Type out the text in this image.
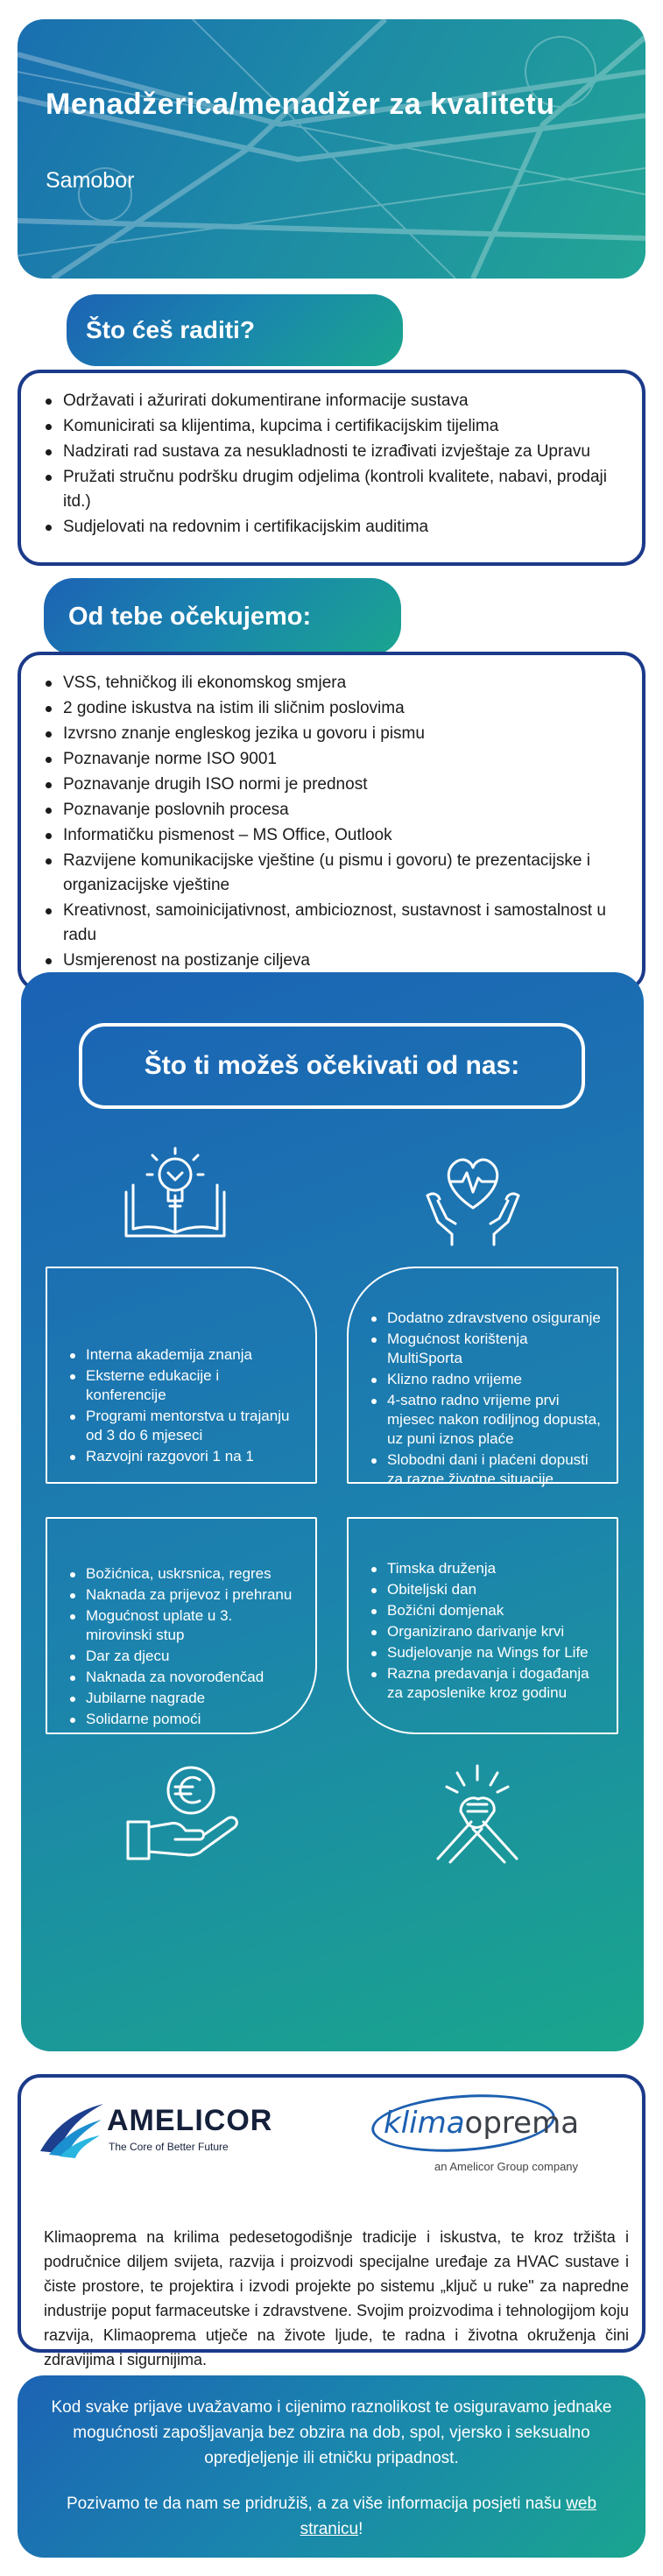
Menadžerica/menadžer za kvalitetu
Samobor
Što ćeš raditi?
Održavati i ažurirati dokumentirane informacije sustava
Komunicirati sa klijentima, kupcima i certifikacijskim tijelima
Nadzirati rad sustava za nesukladnosti te izrađivati izvještaje za Upravu
Pružati stručnu podršku drugim odjelima (kontroli kvalitete, nabavi, prodaji itd.)
Sudjelovati na redovnim i certifikacijskim auditima
Od tebe očekujemo:
VSS, tehničkog ili ekonomskog smjera
2 godine iskustva na istim ili sličnim poslovima
Izvrsno znanje engleskog jezika u govoru i pismu
Poznavanje norme ISO 9001
Poznavanje drugih ISO normi je prednost
Poznavanje poslovnih procesa
Informatičku pismenost – MS Office, Outlook
Razvijene komunikacijske vještine (u pismu i govoru) te prezentacijske i organizacijske vještine
Kreativnost, samoinicijativnost, ambicioznost, sustavnost i samostalnost u radu
Usmjerenost na postizanje ciljeva
Što ti možeš očekivati od nas:
Interna akademija znanja
Eksterne edukacije i konferencije
Programi mentorstva u trajanju od 3 do 6 mjeseci
Razvojni razgovori 1 na 1
Dodatno zdravstveno osiguranje
Mogućnost korištenja MultiSporta
Klizno radno vrijeme
4-satno radno vrijeme prvi mjesec nakon rodiljnog dopusta, uz puni iznos plaće
Slobodni dani i plaćeni dopusti za razne životne situacije
Božićnica, uskrsnica, regres
Naknada za prijevoz i prehranu
Mogućnost uplate u 3. mirovinski stup
Dar za djecu
Naknada za novorođenčad
Jubilarne nagrade
Solidarne pomoći
Timska druženja
Obiteljski dan
Božićni domjenak
Organizirano darivanje krvi
Sudjelovanje na Wings for Life
Razna predavanja i događanja za zaposlenike kroz godinu
AMELICOR
The Core of Better Future
klimaoprema
an Amelicor Group company

Klimaoprema na krilima pedesetogodišnje tradicije i iskustva, te kroz tržišta i područnice diljem svijeta, razvija i proizvodi specijalne uređaje za HVAC sustave i čiste prostore, te projektira i izvodi projekte po sistemu „ključ u ruke" za napredne industrije poput farmaceutske i zdravstvene. Svojim proizvodima i tehnologijom koju razvija, Klimaoprema utječe na živote ljude, te radna i životna okruženja čini zdravijima i sigurnijima.

Kod svake prijave uvažavamo i cijenimo raznolikost te osiguravamo jednake mogućnosti zapošljavanja bez obzira na dob, spol, vjersko i seksualno opredjeljenje ili etničku pripadnost.

Pozivamo te da nam se pridružiš, a za više informacija posjeti našu web stranicu!
